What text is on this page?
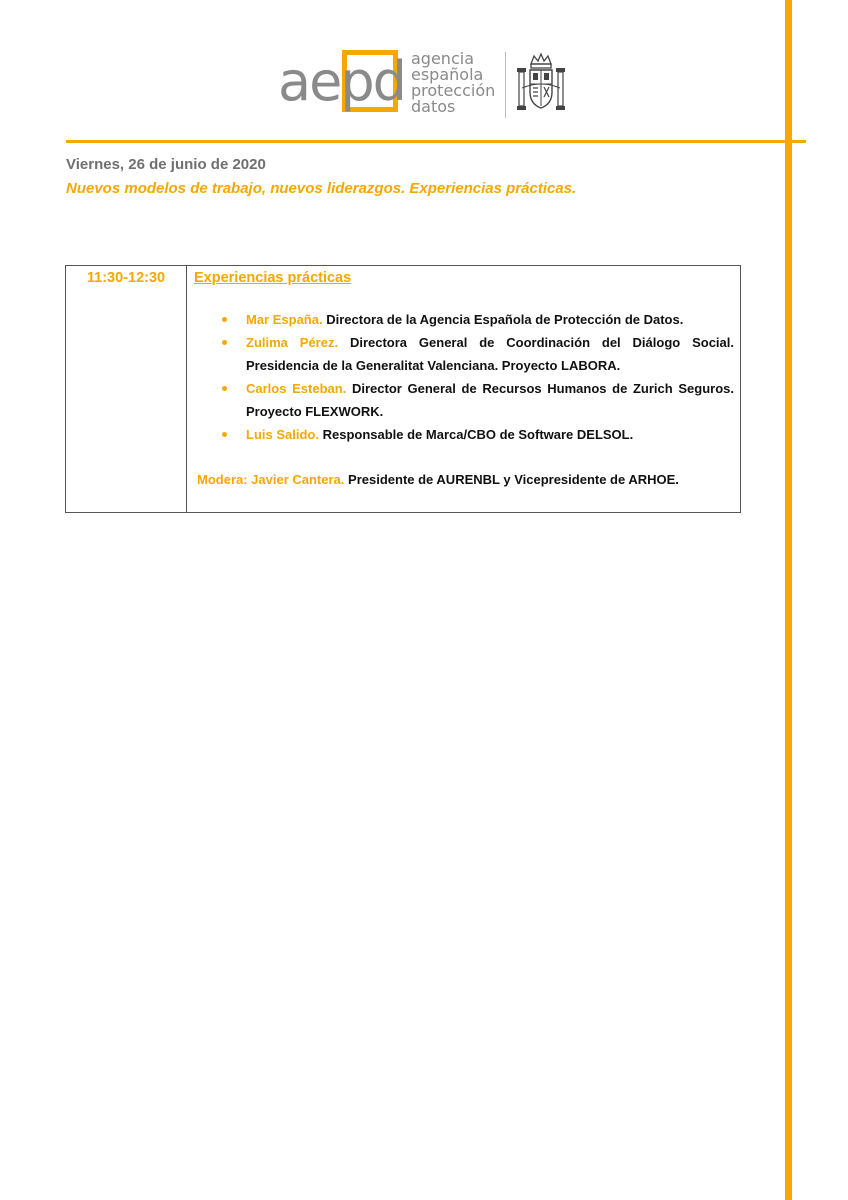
aepd agencia
española
protección
datos
Viernes, 26 de junio de 2020
Nuevos modelos de trabajo, nuevos liderazgos. Experiencias prácticas.
11:30-12:30	Experiencias prácticas
Mar España. Directora de la Agencia Española de Protección de Datos.
Zulima Pérez. Directora General de Coordinación del Diálogo Social. Presidencia de la Generalitat Valenciana. Proyecto LABORA.
Carlos Esteban. Director General de Recursos Humanos de Zurich Seguros. Proyecto FLEXWORK.
Luis Salido. Responsable de Marca/CBO de Software DELSOL.
Modera: Javier Cantera. Presidente de AURENBL y Vicepresidente de ARHOE.
